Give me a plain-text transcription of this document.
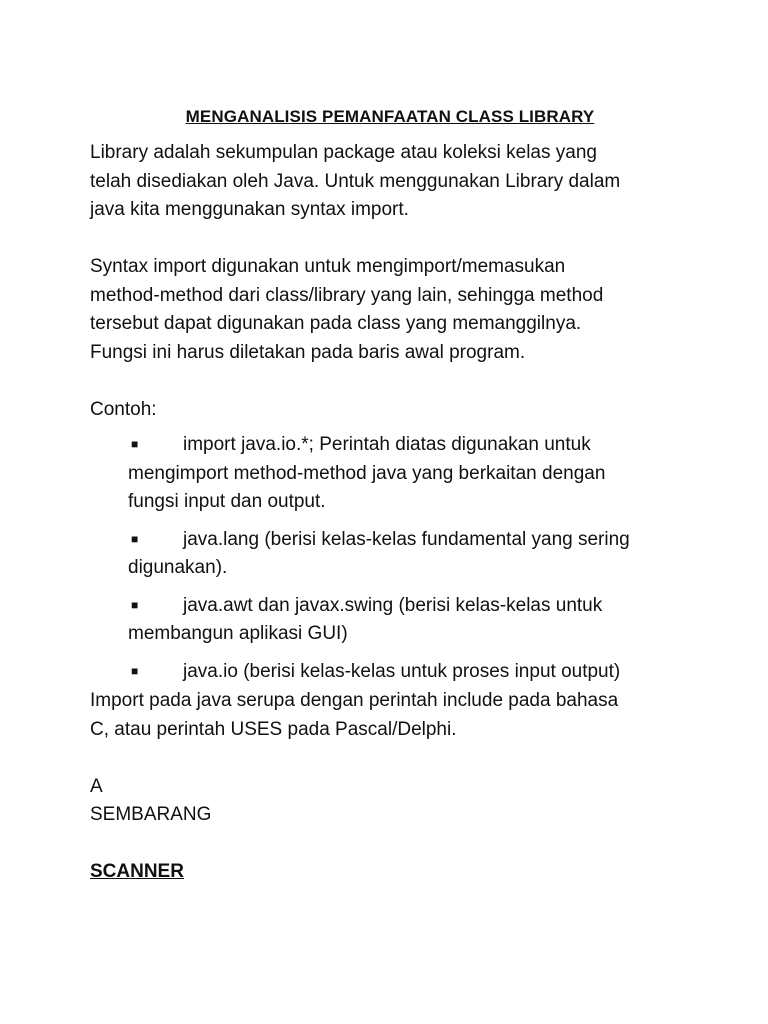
MENGANALISIS PEMANFAATAN CLASS LIBRARY

Library adalah sekumpulan package atau koleksi kelas yang
telah disediakan oleh Java. Untuk menggunakan Library dalam
java kita menggunakan syntax import.

Syntax import digunakan untuk mengimport/memasukan
method-method dari class/library yang lain, sehingga method
tersebut dapat digunakan pada class yang memanggilnya.
Fungsi ini harus diletakan pada baris awal program.

Contoh:

■ import java.io.*; Perintah diatas digunakan untuk
mengimport method-method java yang berkaitan dengan
fungsi input dan output.
■ java.lang (berisi kelas-kelas fundamental yang sering
digunakan).
■ java.awt dan javax.swing (berisi kelas-kelas untuk
membangun aplikasi GUI)
■ java.io (berisi kelas-kelas untuk proses input output)

Import pada java serupa dengan perintah include pada bahasa
C, atau perintah USES pada Pascal/Delphi.

A

SEMBARANG

SCANNER
